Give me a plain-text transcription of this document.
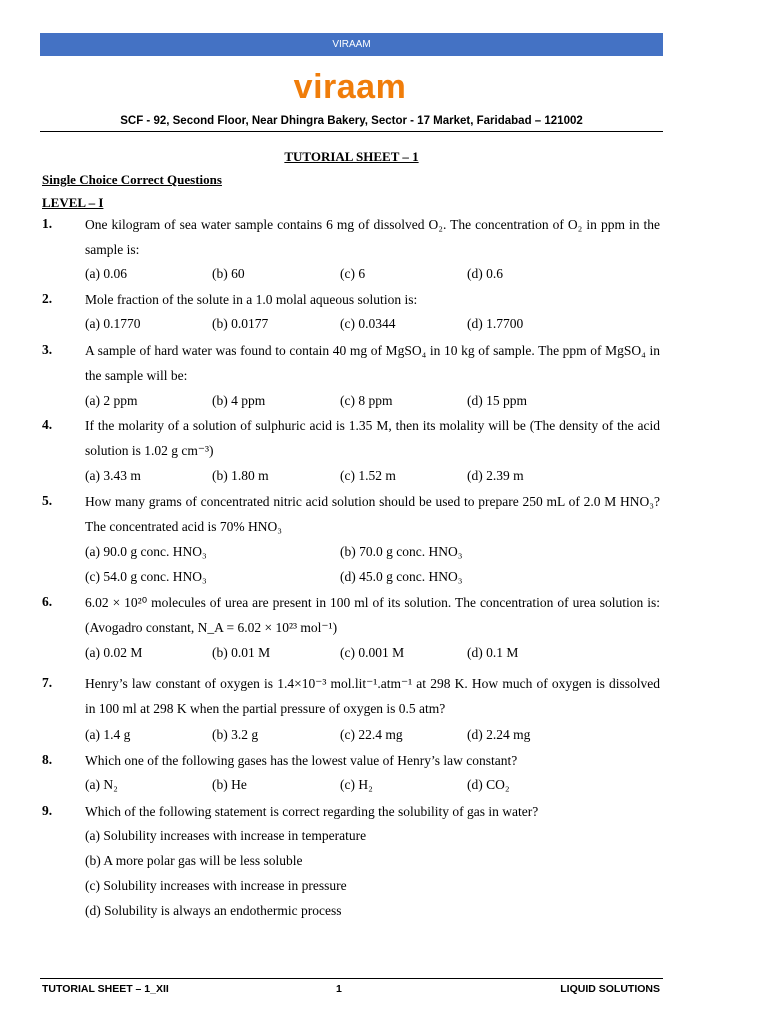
VIRAAM
viraam
SCF - 92, Second Floor, Near Dhingra Bakery, Sector - 17 Market, Faridabad – 121002
TUTORIAL SHEET – 1
Single Choice Correct Questions
LEVEL – I
1. One kilogram of sea water sample contains 6 mg of dissolved O₂. The concentration of O₂ in ppm in the sample is:
(a) 0.06	(b) 60	(c) 6	(d) 0.6
2. Mole fraction of the solute in a 1.0 molal aqueous solution is:
(a) 0.1770	(b) 0.0177	(c) 0.0344	(d) 1.7700
3. A sample of hard water was found to contain 40 mg of MgSO₄ in 10 kg of sample. The ppm of MgSO₄ in the sample will be:
(a) 2 ppm	(b) 4 ppm	(c) 8 ppm	(d) 15 ppm
4. If the molarity of a solution of sulphuric acid is 1.35 M, then its molality will be (The density of the acid solution is 1.02 g cm⁻³)
(a) 3.43 m	(b) 1.80 m	(c) 1.52 m	(d) 2.39 m
5. How many grams of concentrated nitric acid solution should be used to prepare 250 mL of 2.0 M HNO₃? The concentrated acid is 70% HNO₃
(a) 90.0 g conc. HNO₃	(b) 70.0 g conc. HNO₃
(c) 54.0 g conc. HNO₃	(d) 45.0 g conc. HNO₃
6. 6.02 × 10²⁰ molecules of urea are present in 100 ml of its solution. The concentration of urea solution is: (Avogadro constant, N_A = 6.02 × 10²³ mol⁻¹)
(a) 0.02 M	(b) 0.01 M	(c) 0.001 M	(d) 0.1 M
7. Henry’s law constant of oxygen is 1.4×10⁻³ mol.lit⁻¹.atm⁻¹ at 298 K. How much of oxygen is dissolved in 100 ml at 298 K when the partial pressure of oxygen is 0.5 atm?
(a) 1.4 g	(b) 3.2 g	(c) 22.4 mg	(d) 2.24 mg
8. Which one of the following gases has the lowest value of Henry’s law constant?
(a) N₂	(b) He	(c) H₂	(d) CO₂
9. Which of the following statement is correct regarding the solubility of gas in water?
(a) Solubility increases with increase in temperature
(b) A more polar gas will be less soluble
(c) Solubility increases with increase in pressure
(d) Solubility is always an endothermic process
TUTORIAL SHEET – 1_XII	1	LIQUID SOLUTIONS
